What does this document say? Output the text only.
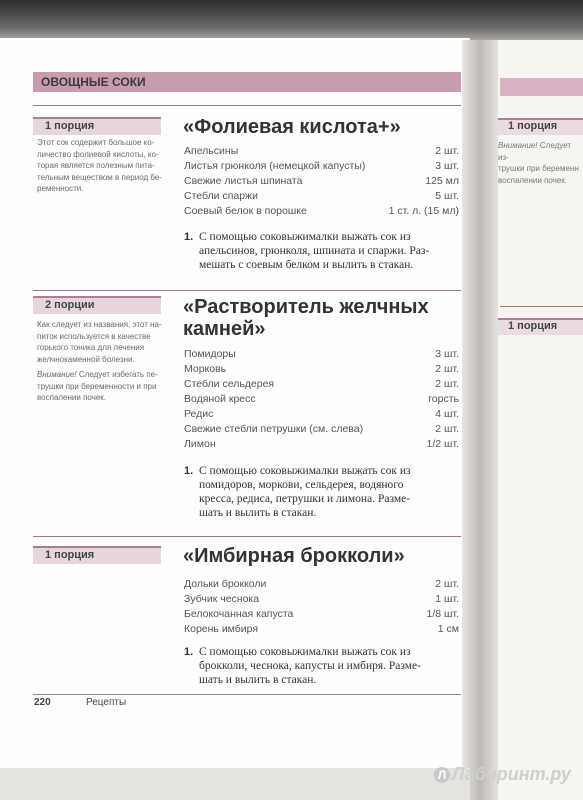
ОВОЩНЫЕ СОКИ
1 порция
Этот сок содержит большое ко-
личество фолиевой кислоты, ко-
торая является полезным пита-
тельным веществом в период бе-
ременности.
«Фолиевая кислота+»
Апельсины	2 шт.
Листья грюнколя (немецкой капусты)	3 шт.
Свежие листья шпината	125 мл
Стебли спаржи	5 шт.
Соевый белок в порошке	1 ст. л. (15 мл)
1. С помощью соковыжималки выжать сок из
апельсинов, грюнколя, шпината и спаржи. Раз-
мешать с соевым белком и вылить в стакан.
2 порции
Как следует из названия, этот на-
питок используется в качестве
горького тоника для лечения
желчнокаменной болезни.
Внимание! Следует избегать пе-
трушки при беременности и при
воспалении почек.
«Растворитель желчных
камней»
Помидоры	3 шт.
Морковь	2 шт.
Стебли сельдерея	2 шт.
Водяной кресс	горсть
Редис	4 шт.
Свежие стебли петрушки (см. слева)	2 шт.
Лимон	1/2 шт.
1. С помощью соковыжималки выжать сок из
помидоров, моркови, сельдерея, водяного
кресса, редиса, петрушки и лимона. Разме-
шать и вылить в стакан.
1 порция	«Имбирная брокколи»
Дольки брокколи	2 шт.
Зубчик чеснока	1 шт.
Белокочанная капуста	1/8 шт.
Корень имбиря	1 см
1. С помощью соковыжималки выжать сок из
брокколи, чеснока, капусты и имбиря. Разме-
шать и вылить в стакан.
220	Рецепты
1 порция
Внимание! Следует из-
трушки при беременн
воспалении почек.
1 порция
Л Лабиринт.ру
